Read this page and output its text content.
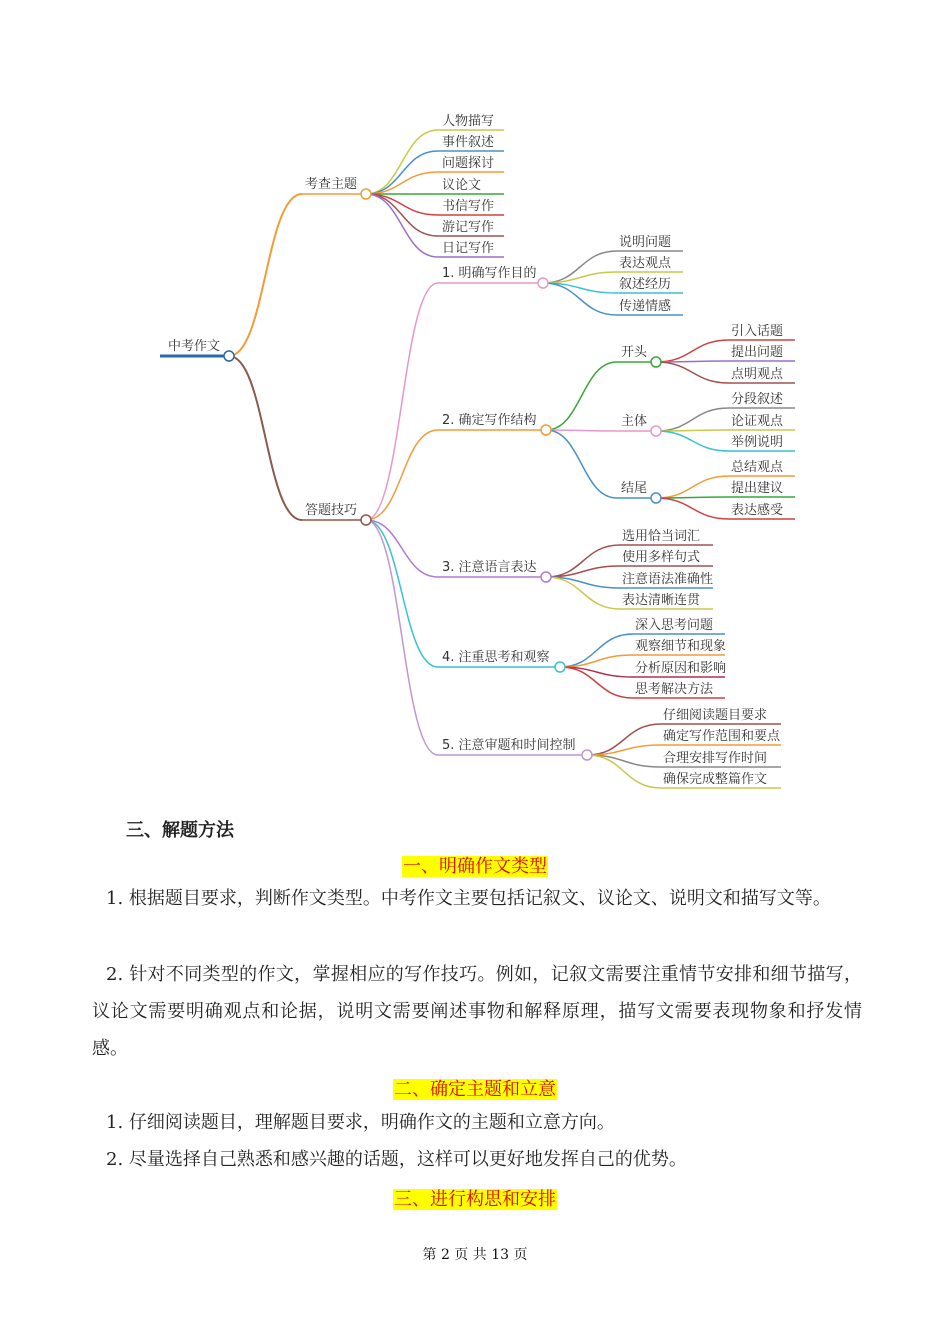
中考作文
考查主题
人物描写
事件叙述
问题探讨
议论文
书信写作
游记写作
日记写作
答题技巧
1. 明确写作目的
说明问题
表达观点
叙述经历
传递情感
2. 确定写作结构
开头
引入话题
提出问题
点明观点
主体
分段叙述
论证观点
举例说明
结尾
总结观点
提出建议
表达感受
3. 注意语言表达
选用恰当词汇
使用多样句式
注意语法准确性
表达清晰连贯
4. 注重思考和观察
深入思考问题
观察细节和现象
分析原因和影响
思考解决方法
5. 注意审题和时间控制
仔细阅读题目要求
确定写作范围和要点
合理安排写作时间
确保完成整篇作文
三、解题方法
一、明确作文类型
1. 根据题目要求，判断作文类型。中考作文主要包括记叙文、议论文、说明文和描写文等。
2. 针对不同类型的作文，掌握相应的写作技巧。例如，记叙文需要注重情节安排和细节描写，议论文需要明确观点和论据，说明文需要阐述事物和解释原理，描写文需要表现物象和抒发情感。
二、确定主题和立意
1. 仔细阅读题目，理解题目要求，明确作文的主题和立意方向。
2. 尽量选择自己熟悉和感兴趣的话题，这样可以更好地发挥自己的优势。
三、进行构思和安排
第 2 页 共 13 页
